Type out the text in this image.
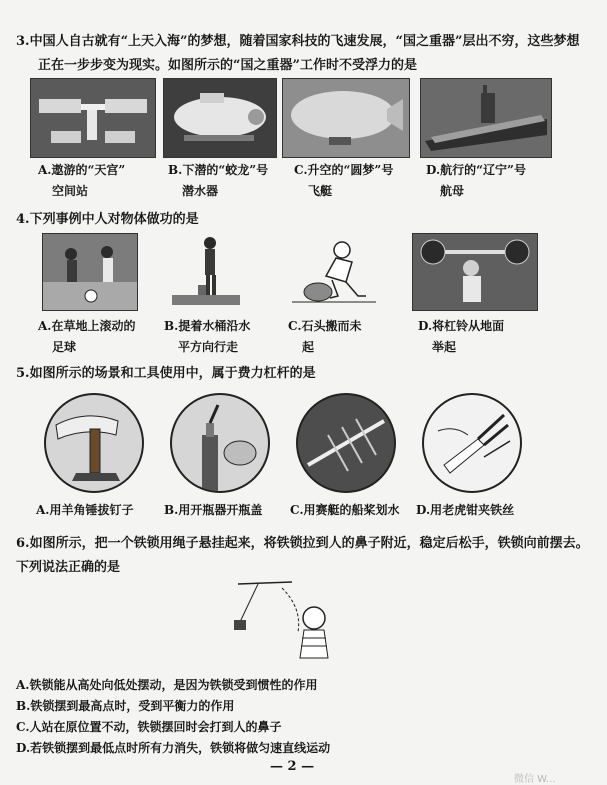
3.中国人自古就有“上天入海”的梦想，随着国家科技的飞速发展，“国之重器”层出不穷，这些梦想
正在一步步变为现实。如图所示的“国之重器”工作时不受浮力的是
A.遨游的“天宫”
空间站
B.下潜的“蛟龙”号
潜水器
C.升空的“圆梦”号
飞艇
D.航行的“辽宁”号
航母
4.下列事例中人对物体做功的是
A.在草地上滚动的
足球
B.提着水桶沿水
平方向行走
C.石头搬而未
起
D.将杠铃从地面
举起
5.如图所示的场景和工具使用中，属于费力杠杆的是
A.用羊角锤拔钉子	B.用开瓶器开瓶盖 C.用赛艇的船桨划水 D.用老虎钳夹铁丝
6.如图所示，把一个铁锁用绳子悬挂起来，将铁锁拉到人的鼻子附近，稳定后松手，铁锁向前摆去。
下列说法正确的是
A.铁锁能从高处向低处摆动，是因为铁锁受到惯性的作用
B.铁锁摆到最高点时，受到平衡力的作用
C.人站在原位置不动，铁锁摆回时会打到人的鼻子
D.若铁锁摆到最低点时所有力消失，铁锁将做匀速直线运动
— 2 —
微信 W...
